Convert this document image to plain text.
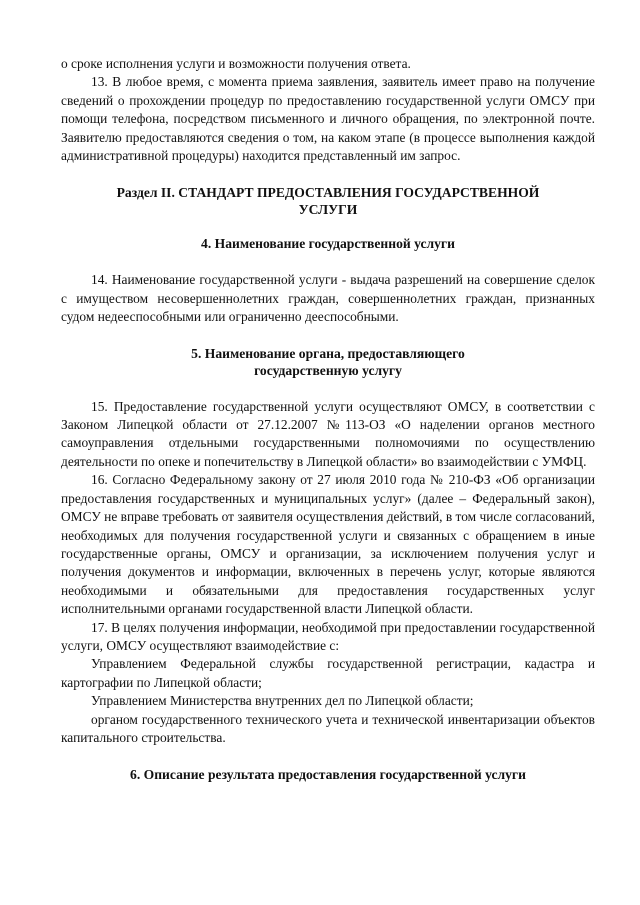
о сроке исполнения услуги и возможности получения ответа.

13. В любое время, с момента приема заявления, заявитель имеет право на получение сведений о прохождении процедур по предоставлению государственной услуги ОМСУ при помощи телефона, посредством письменного и личного обращения, по электронной почте. Заявителю предоставляются сведения о том, на каком этапе (в процессе выполнения каждой административной процедуры) находится представленный им запрос.

Раздел II. СТАНДАРТ ПРЕДОСТАВЛЕНИЯ ГОСУДАРСТВЕННОЙ
УСЛУГИ
4. Наименование государственной услуги

14. Наименование государственной услуги - выдача разрешений на совершение сделок с имуществом несовершеннолетних граждан, совершеннолетних граждан, признанных судом недееспособными или ограниченно дееспособными.

5. Наименование органа, предоставляющего
государственную услугу

15. Предоставление государственной услуги осуществляют ОМСУ, в соответствии с Законом Липецкой области от 27.12.2007 №113-ОЗ «О наделении органов местного самоуправления отдельными государственными полномочиями по осуществлению деятельности по опеке и попечительству в Липецкой области» во взаимодействии с УМФЦ.

16. Согласно Федеральному закону от 27 июля 2010 года № 210-ФЗ «Об организации предоставления государственных и муниципальных услуг» (далее – Федеральный закон), ОМСУ не вправе требовать от заявителя осуществления действий, в том числе согласований, необходимых для получения государственной услуги и связанных с обращением в иные государственные органы, ОМСУ и организации, за исключением получения услуг и получения документов и информации, включенных в перечень услуг, которые являются необходимыми и обязательными для предоставления государственных услуг исполнительными органами государственной власти Липецкой области.

17. В целях получения информации, необходимой при предоставлении государственной услуги, ОМСУ осуществляют взаимодействие с:

Управлением Федеральной службы государственной регистрации, кадастра и картографии по Липецкой области;

Управлением Министерства внутренних дел по Липецкой области;

органом государственного технического учета и технической инвентаризации объектов капитального строительства.

6. Описание результата предоставления государственной услуги
